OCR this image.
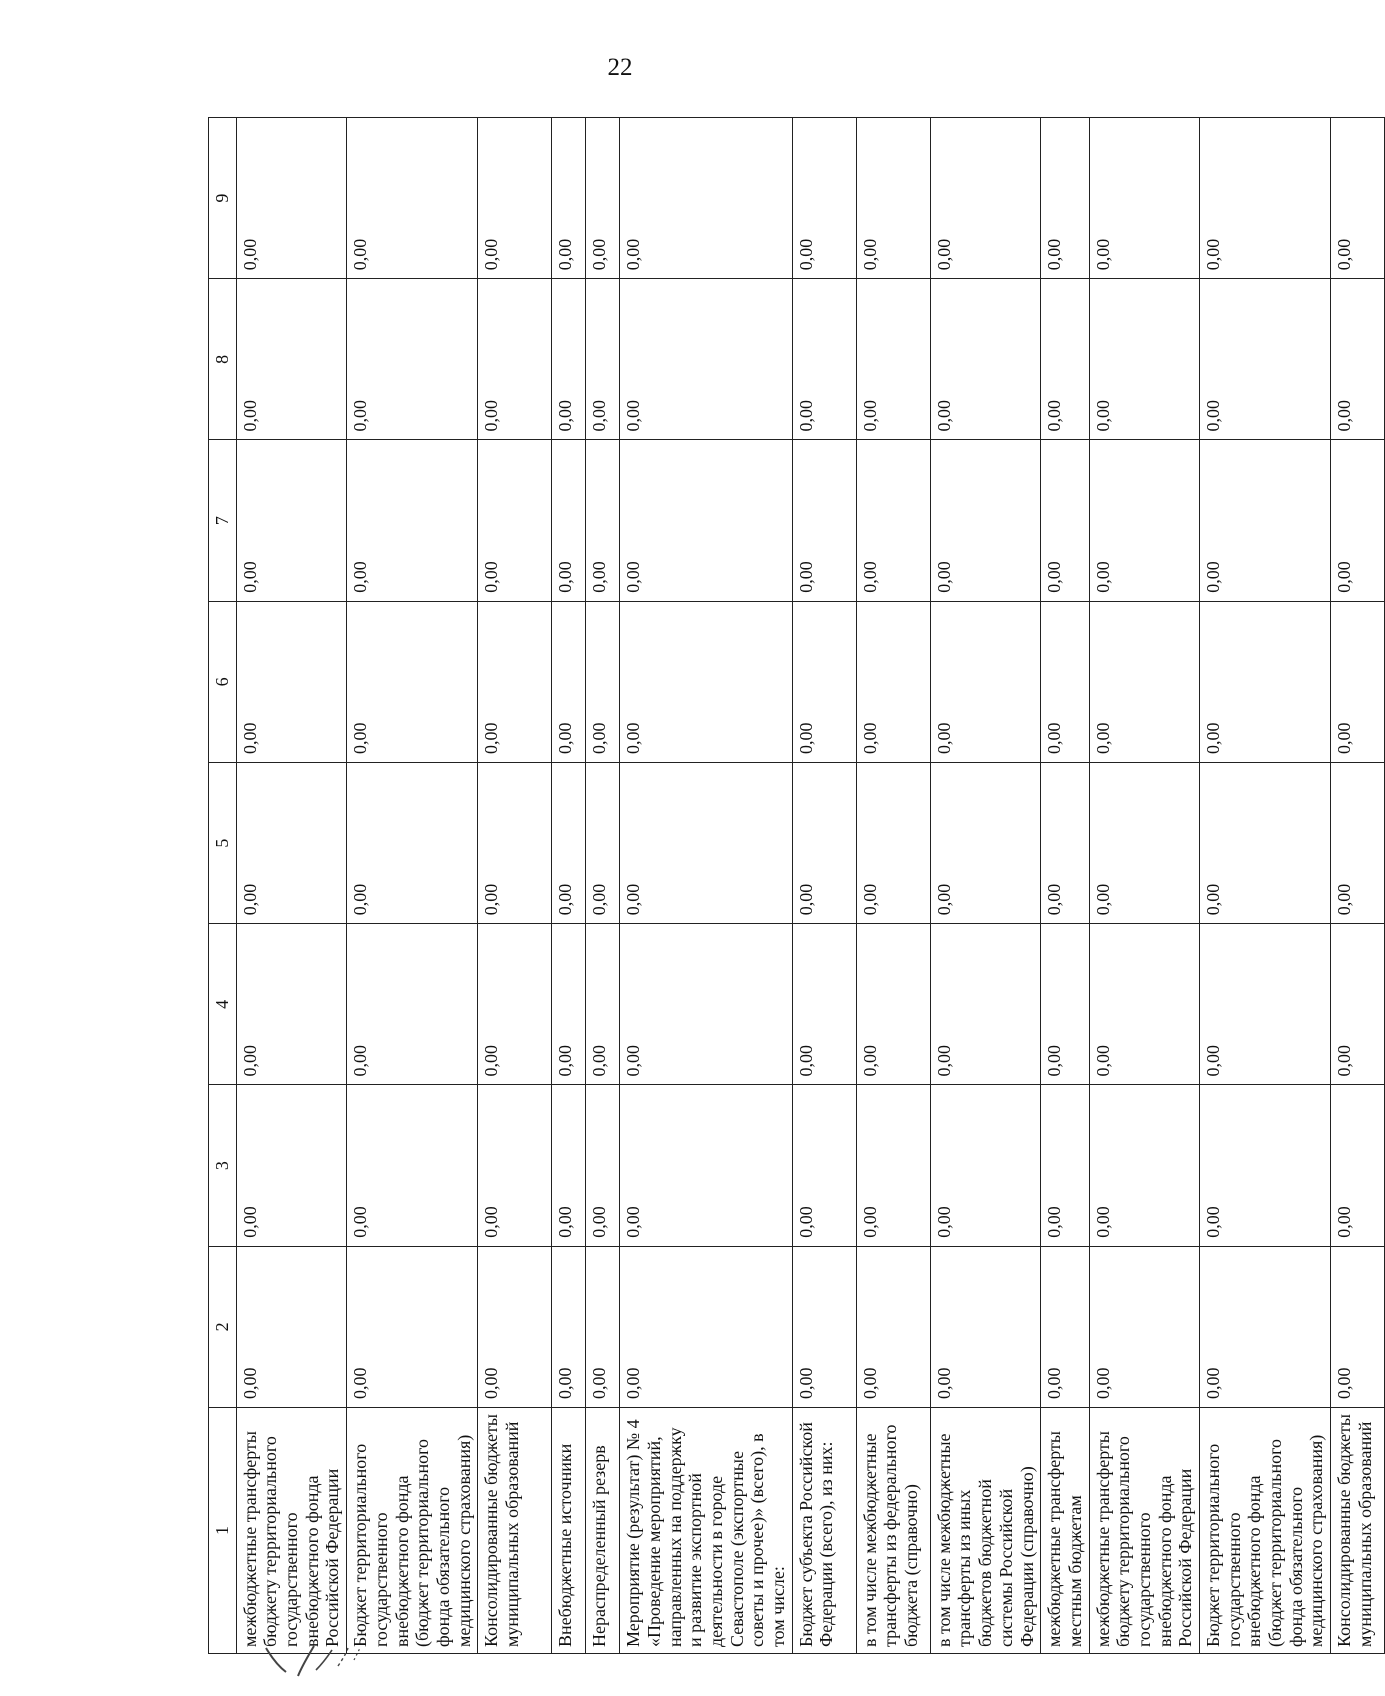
22
1	2	3	4	5	6	7	8	9
межбюджетные трансферты бюджету территориального государственного внебюджетного фонда Российской Федерации	0,00	0,00	0,00	0,00	0,00	0,00	0,00	0,00
Бюджет территориального государственного внебюджетного фонда (бюджет территориального фонда обязательного медицинского страхования)	0,00	0,00	0,00	0,00	0,00	0,00	0,00	0,00
Консолидированные бюджеты муниципальных образований	0,00	0,00	0,00	0,00	0,00	0,00	0,00	0,00
Внебюджетные источники	0,00	0,00	0,00	0,00	0,00	0,00	0,00	0,00
Нераспределенный резерв	0,00	0,00	0,00	0,00	0,00	0,00	0,00	0,00
Мероприятие (результат) № 4 «Проведение мероприятий, направленных на поддержку и развитие экспортной деятельности в городе Севастополе (экспортные советы и прочее)» (всего), в том числе:	0,00	0,00	0,00	0,00	0,00	0,00	0,00	0,00
Бюджет субъекта Российской Федерации (всего), из них:	0,00	0,00	0,00	0,00	0,00	0,00	0,00	0,00
в том числе межбюджетные трансферты из федерального бюджета (справочно)	0,00	0,00	0,00	0,00	0,00	0,00	0,00	0,00
в том числе межбюджетные трансферты из иных бюджетов бюджетной системы Российской Федерации (справочно)	0,00	0,00	0,00	0,00	0,00	0,00	0,00	0,00
межбюджетные трансферты местным бюджетам	0,00	0,00	0,00	0,00	0,00	0,00	0,00	0,00
межбюджетные трансферты бюджету территориального государственного внебюджетного фонда Российской Федерации	0,00	0,00	0,00	0,00	0,00	0,00	0,00	0,00
Бюджет территориального государственного внебюджетного фонда (бюджет территориального фонда обязательного медицинского страхования)	0,00	0,00	0,00	0,00	0,00	0,00	0,00	0,00
Консолидированные бюджеты муниципальных образований	0,00	0,00	0,00	0,00	0,00	0,00	0,00	0,00
